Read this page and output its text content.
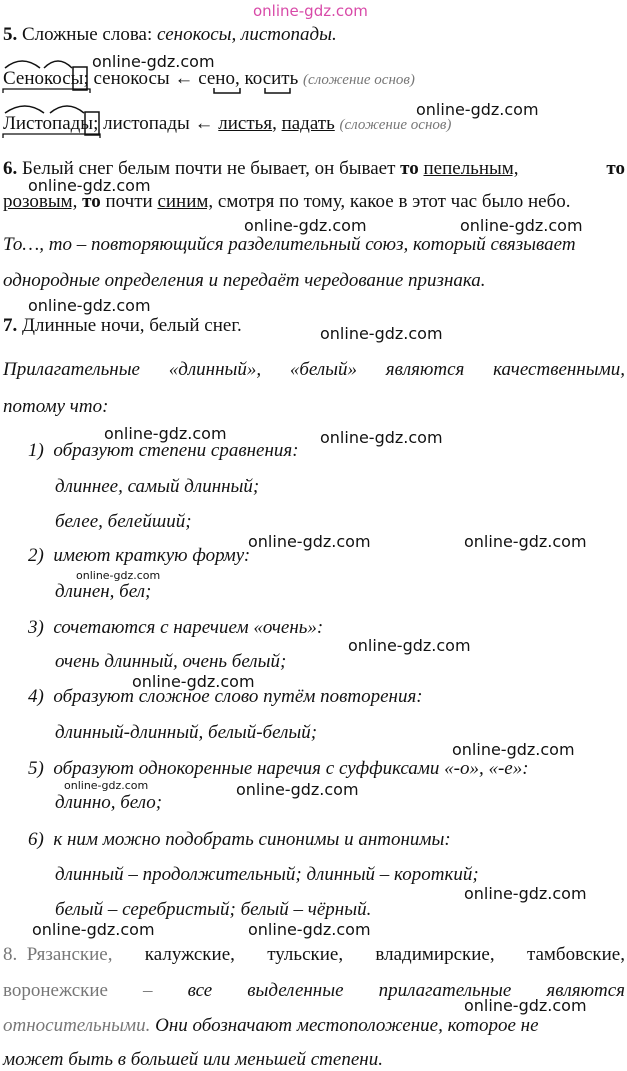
online-gdz.com
5. Сложные слова: сенокосы, листопады.
Сенокосы; сенокосы ← сено, косить (сложение основ)
Листопады; листопады ← листья, падать (сложение основ)
6. Белый снег белым почти не бывает, он бывает то пепельным,	то
розовым, то почти синим, смотря по тому, какое в этот час было небо.
То…, то – повторяющийся разделительный союз, который связывает
однородные определения и передаёт чередование признака.
7. Длинные ночи, белый снег.
Прилагательные «длинный», «белый» являются качественными,
потому что:
1) образуют степени сравнения:
длиннее, самый длинный;
белее, белейший;
2) имеют краткую форму:
длинен, бел;
3) сочетаются с наречием «очень»:
очень длинный, очень белый;
4) образуют сложное слово путём повторения:
длинный-длинный, белый-белый;
5) образуют однокоренные наречия с суффиксами «-о», «-е»:
длинно, бело;
6) к ним можно подобрать синонимы и антонимы:
длинный – продолжительный; длинный – короткий;
белый – серебристый; белый – чёрный.
8. Рязанские, калужские, тульские, владимирские, тамбовские,
воронежские – все выделенные прилагательные являются
относительными. Они обозначают местоположение, которое не
может быть в большей или меньшей степени.
online-gdz.com
online-gdz.com
online-gdz.com
online-gdz.com	online-gdz.com
online-gdz.com
online-gdz.com
online-gdz.com	online-gdz.com
online-gdz.com	online-gdz.com
online-gdz.com
online-gdz.com
online-gdz.com
online-gdz.com
online-gdz.com	online-gdz.com
online-gdz.com
online-gdz.com	online-gdz.com
online-gdz.com
